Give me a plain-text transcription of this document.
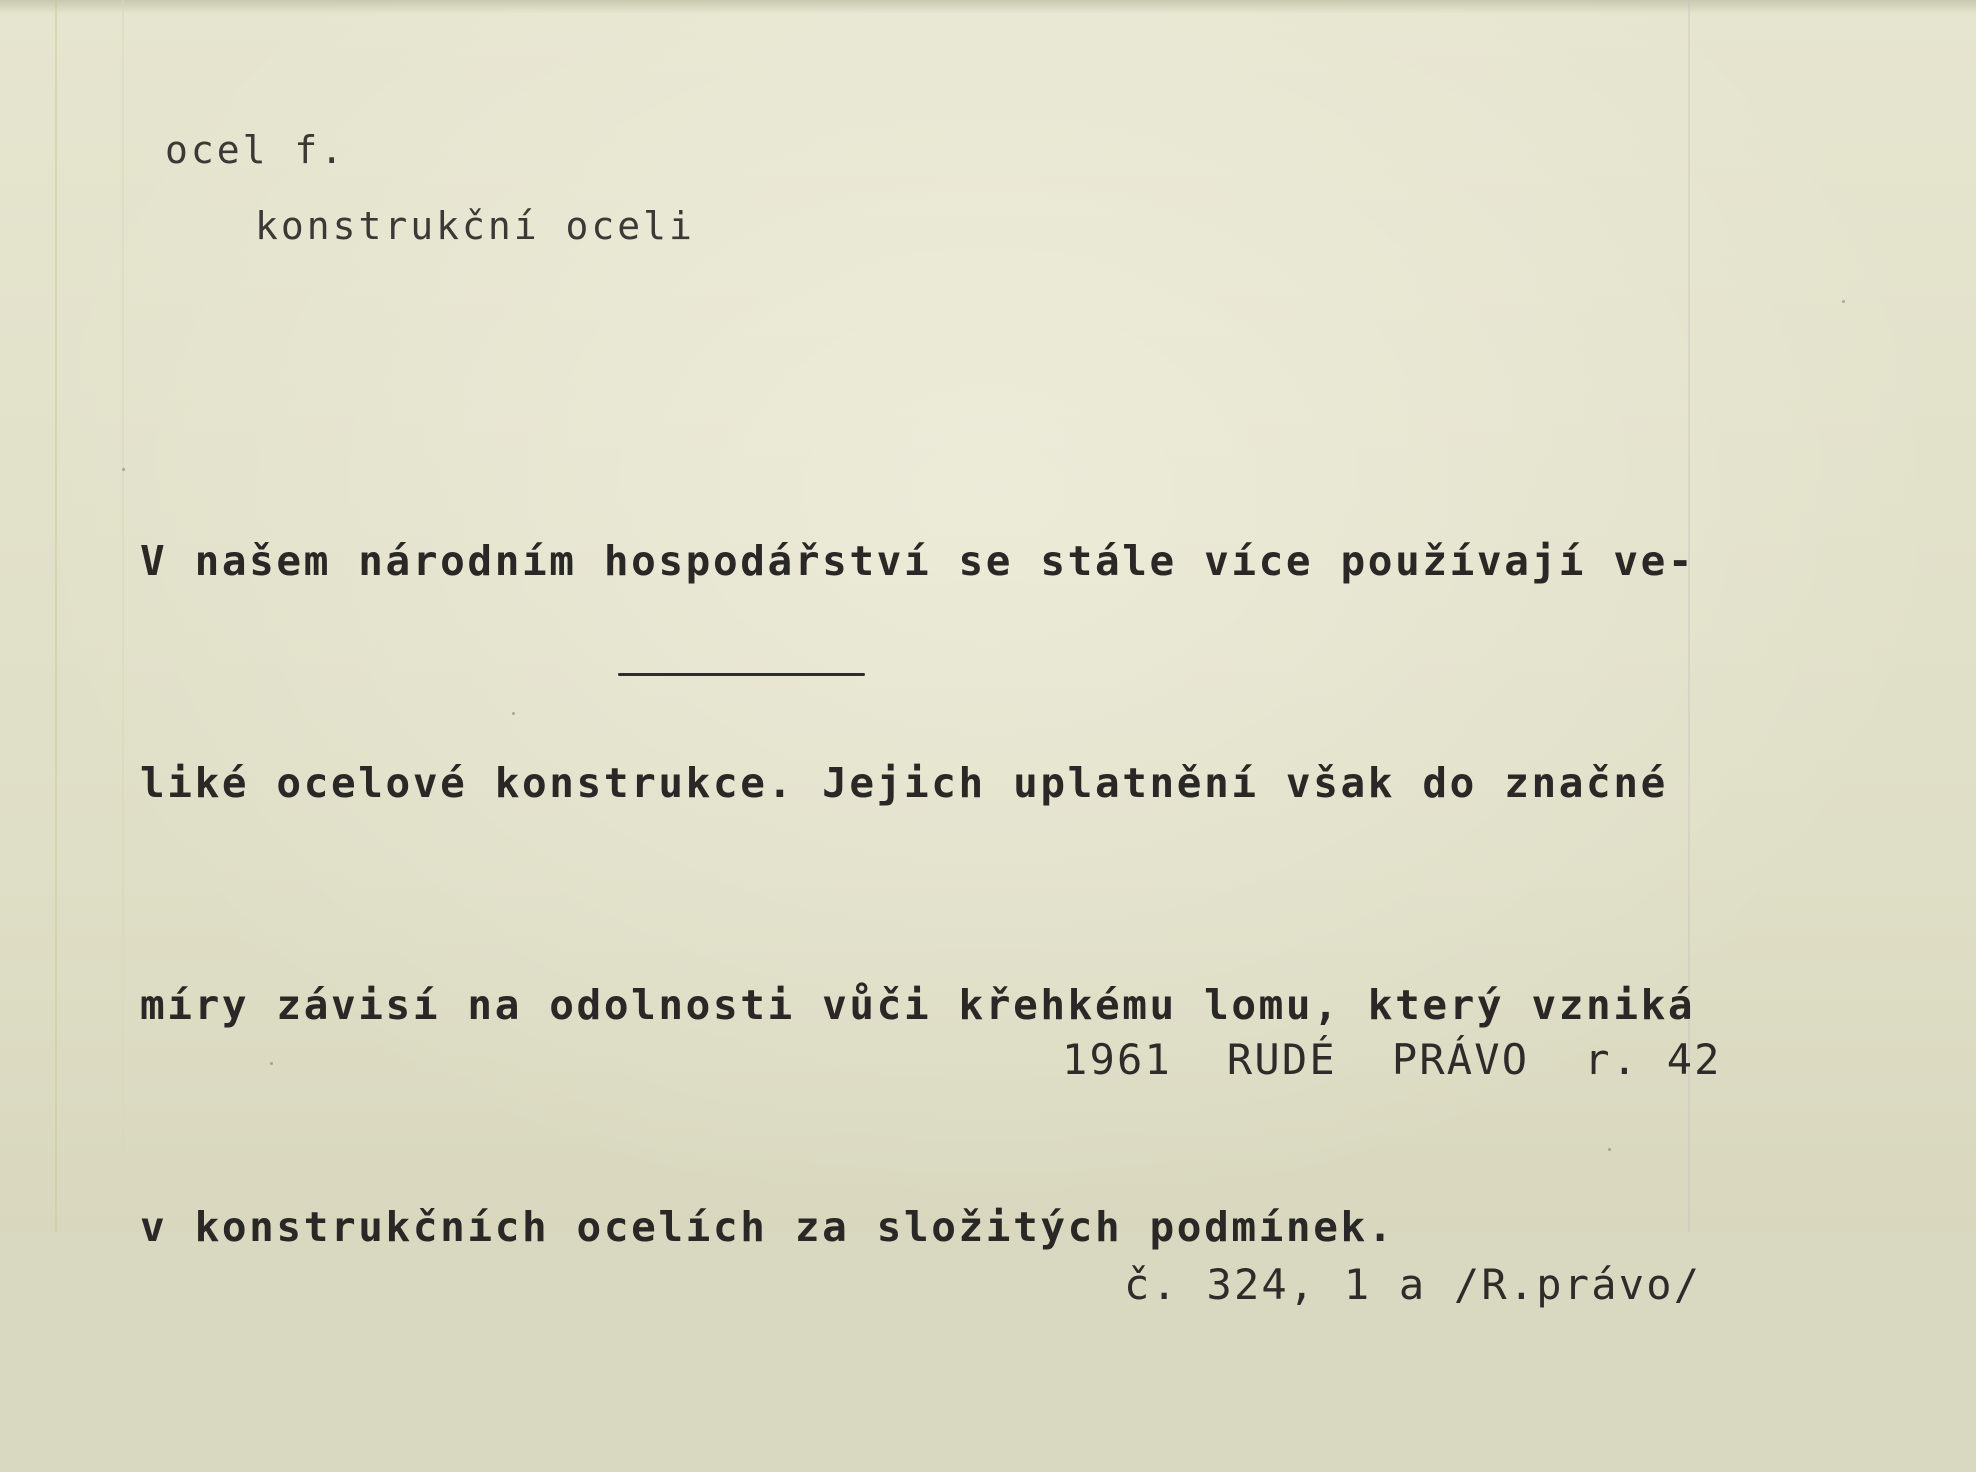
ocel f.

konstrukční oceli

V našem národním hospodářství se stále více používají ve-

liké ocelové konstrukce. Jejich uplatnění však do značné

míry závisí na odolnosti vůči křehkému lomu, který vzniká

v konstrukčních ocelích za složitých podmínek.

1961  RUDÉ  PRÁVO  r. 42

č. 324, 1 a /R.právo/
